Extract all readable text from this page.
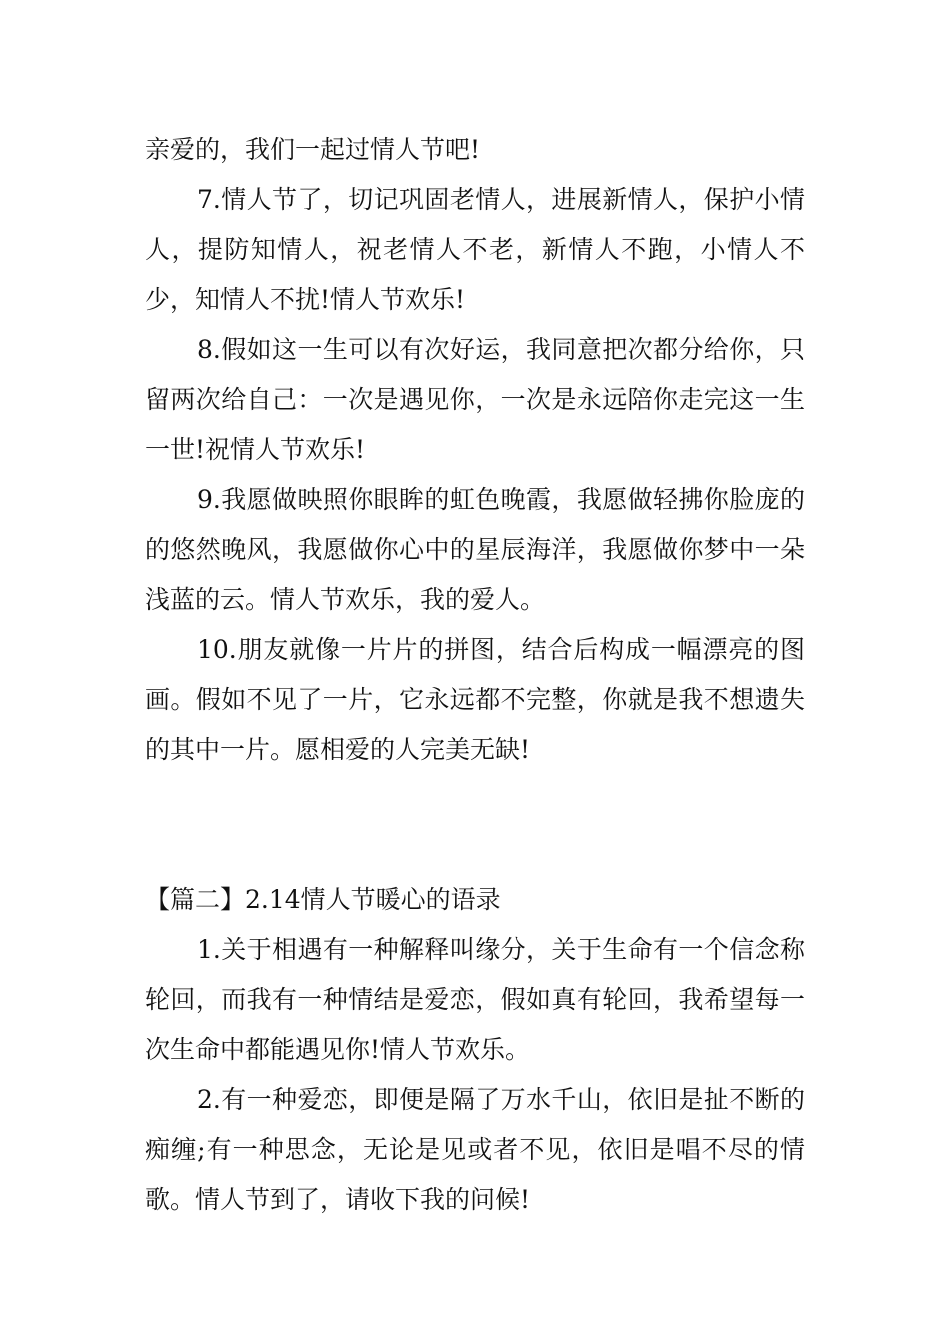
亲爱的，我们一起过情人节吧!

7.情人节了，切记巩固老情人，进展新情人，保护小情人，提防知情人，祝老情人不老，新情人不跑，小情人不少，知情人不扰!情人节欢乐!

8.假如这一生可以有次好运，我同意把次都分给你，只留两次给自己：一次是遇见你，一次是永远陪你走完这一生一世!祝情人节欢乐!

9.我愿做映照你眼眸的虹色晚霞，我愿做轻拂你脸庞的的悠然晚风，我愿做你心中的星辰海洋，我愿做你梦中一朵浅蓝的云。情人节欢乐，我的爱人。

10.朋友就像一片片的拼图，结合后构成一幅漂亮的图画。假如不见了一片，它永远都不完整，你就是我不想遗失的其中一片。愿相爱的人完美无缺!

【篇二】2.14情人节暖心的语录

1.关于相遇有一种解释叫缘分，关于生命有一个信念称轮回，而我有一种情结是爱恋，假如真有轮回，我希望每一次生命中都能遇见你!情人节欢乐。

2.有一种爱恋，即便是隔了万水千山，依旧是扯不断的痴缠;有一种思念，无论是见或者不见，依旧是唱不尽的情歌。情人节到了，请收下我的问候!
